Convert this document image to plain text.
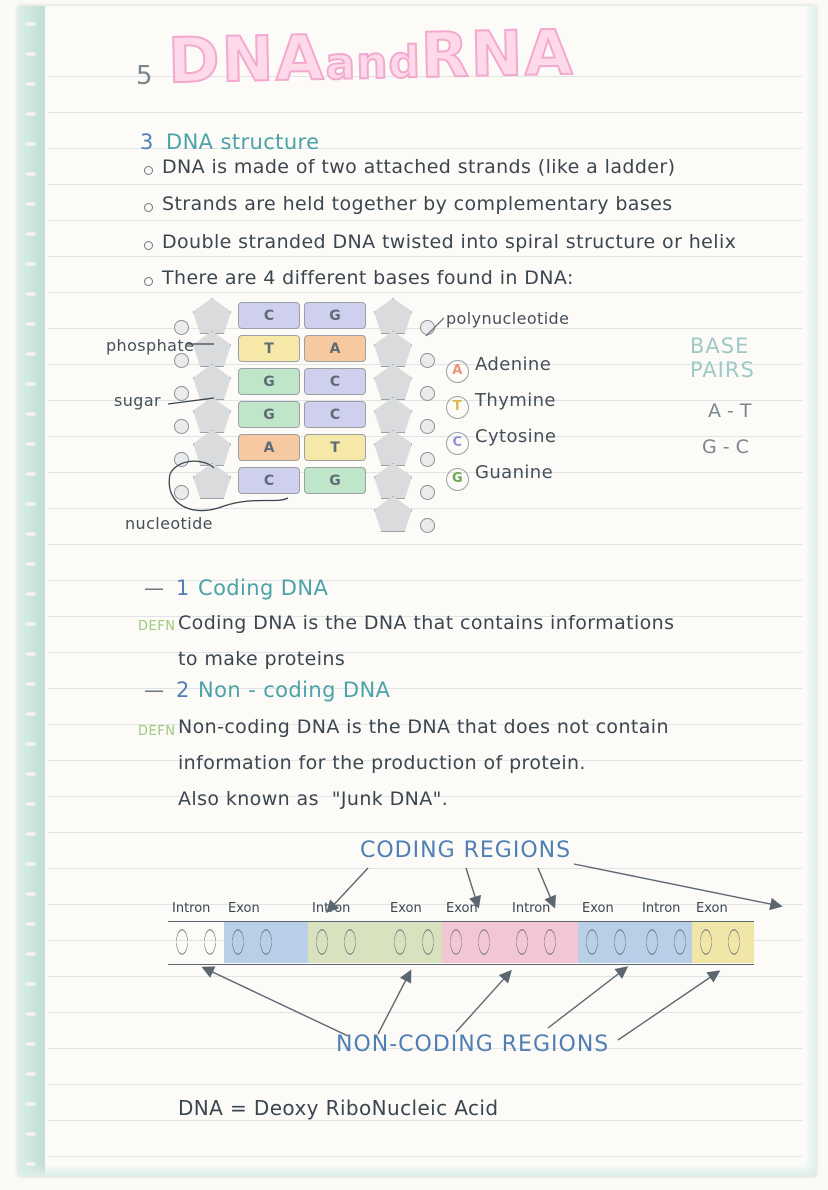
5 DNAandRNA
3 DNA structure
DNA is made of two attached strands (like a ladder)
Strands are held together by complementary bases
Double stranded DNA twisted into spiral structure or helix
There are 4 different bases found in DNA:
C	G
T	A
G	C
G	C
A	T
C	G
phosphate
sugar
nucleotide
polynucleotide
BASE PAIRS
A - T
G - C
— 1 Coding DNA
DEFN Coding DNA is the DNA that contains informations
to make proteins
— 2 Non - coding DNA
DEFN Non-coding DNA is the DNA that does not contain
information for the production of protein.
Also known as  "Junk DNA".
CODING REGIONS
NON-CODING REGIONS
Intron Exon	Intron	Exon Exon	Intron Exon Intron Exon
DNA = Deoxy RiboNucleic Acid
A Adenine
T Thymine
C Cytosine
G Guanine
